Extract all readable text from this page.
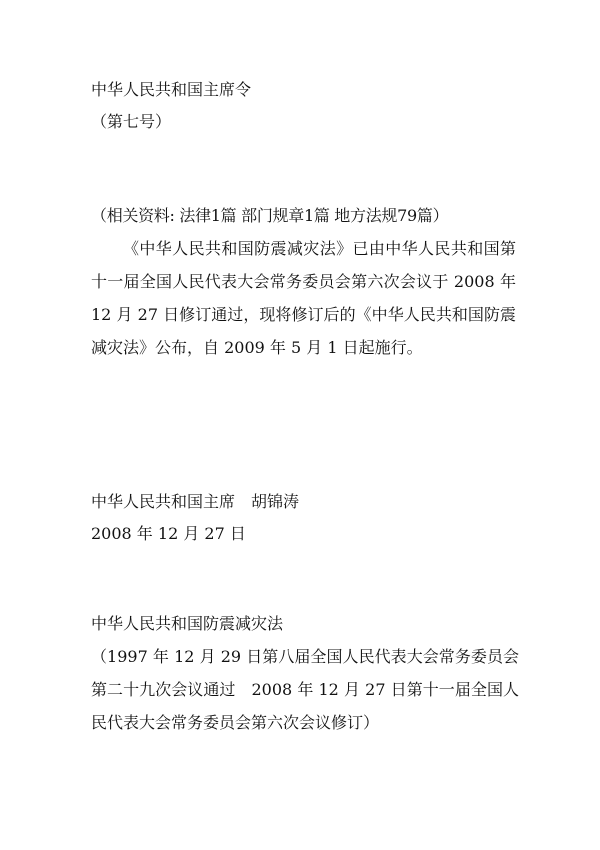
中华人民共和国主席令
（第七号）
（相关资料: 法律1篇 部门规章1篇 地方法规79篇）
《中华人民共和国防震减灾法》已由中华人民共和国第十一届全国人民代表大会常务委员会第六次会议于 2008 年 12 月 27 日修订通过，现将修订后的《中华人民共和国防震减灾法》公布，自 2009 年 5 月 1 日起施行。
中华人民共和国主席　胡锦涛
2008 年 12 月 27 日
中华人民共和国防震减灾法
（1997 年 12 月 29 日第八届全国人民代表大会常务委员会第二十九次会议通过　2008 年 12 月 27 日第十一届全国人民代表大会常务委员会第六次会议修订）
